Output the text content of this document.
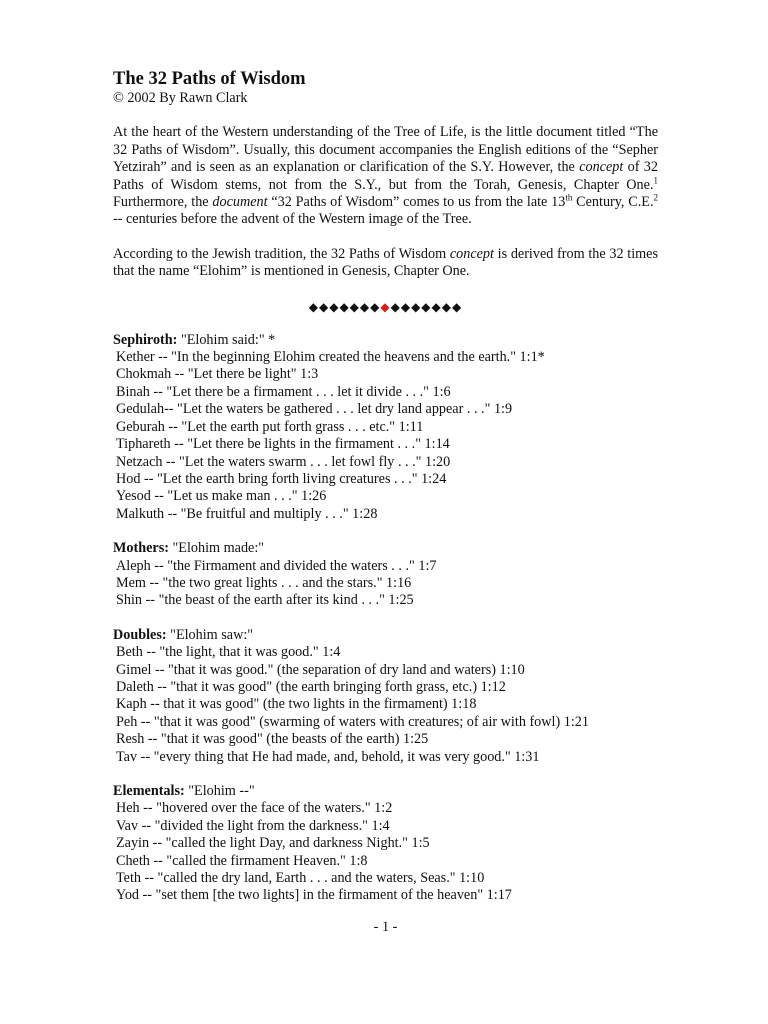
The 32 Paths of Wisdom
© 2002 By Rawn Clark

At the heart of the Western understanding of the Tree of Life, is the little document titled “The 32 Paths of Wisdom”. Usually, this document accompanies the English editions of the “Sepher Yetzirah” and is seen as an explanation or clarification of the S.Y. However, the concept of 32 Paths of Wisdom stems, not from the S.Y., but from the Torah, Genesis, Chapter One.$^1$ Furthermore, the document “32 Paths of Wisdom” comes to us from the late 13th Century, C.E.$^2$ -- centuries before the advent of the Western image of the Tree.

According to the Jewish tradition, the 32 Paths of Wisdom concept is derived from the 32 times that the name “Elohim” is mentioned in Genesis, Chapter One.

◆◆◆◆◆◆◆◆◆◆◆◆◆◆◆
Sephiroth: "Elohim said:" *
Kether -- "In the beginning Elohim created the heavens and the earth." 1:1*
Chokmah -- "Let there be light" 1:3
Binah -- "Let there be a firmament . . . let it divide . . ." 1:6
Gedulah-- "Let the waters be gathered . . . let dry land appear . . ." 1:9
Geburah -- "Let the earth put forth grass . . . etc." 1:11
Tiphareth -- "Let there be lights in the firmament . . ." 1:14
Netzach -- "Let the waters swarm . . . let fowl fly . . ." 1:20
Hod -- "Let the earth bring forth living creatures . . ." 1:24
Yesod -- "Let us make man . . ." 1:26
Malkuth -- "Be fruitful and multiply . . ." 1:28
Mothers: "Elohim made:"
Aleph -- "the Firmament and divided the waters . . ." 1:7
Mem -- "the two great lights . . . and the stars." 1:16
Shin -- "the beast of the earth after its kind . . ." 1:25
Doubles: "Elohim saw:"
Beth -- "the light, that it was good." 1:4
Gimel -- "that it was good." (the separation of dry land and waters) 1:10
Daleth -- "that it was good" (the earth bringing forth grass, etc.) 1:12
Kaph -- that it was good" (the two lights in the firmament) 1:18
Peh -- "that it was good" (swarming of waters with creatures; of air with fowl) 1:21
Resh -- "that it was good" (the beasts of the earth) 1:25
Tav -- "every thing that He had made, and, behold, it was very good." 1:31
Elementals: "Elohim --"
Heh -- "hovered over the face of the waters." 1:2
Vav -- "divided the light from the darkness." 1:4
Zayin -- "called the light Day, and darkness Night." 1:5
Cheth -- "called the firmament Heaven." 1:8
Teth -- "called the dry land, Earth . . . and the waters, Seas." 1:10
Yod -- "set them [the two lights] in the firmament of the heaven" 1:17
- 1 -
